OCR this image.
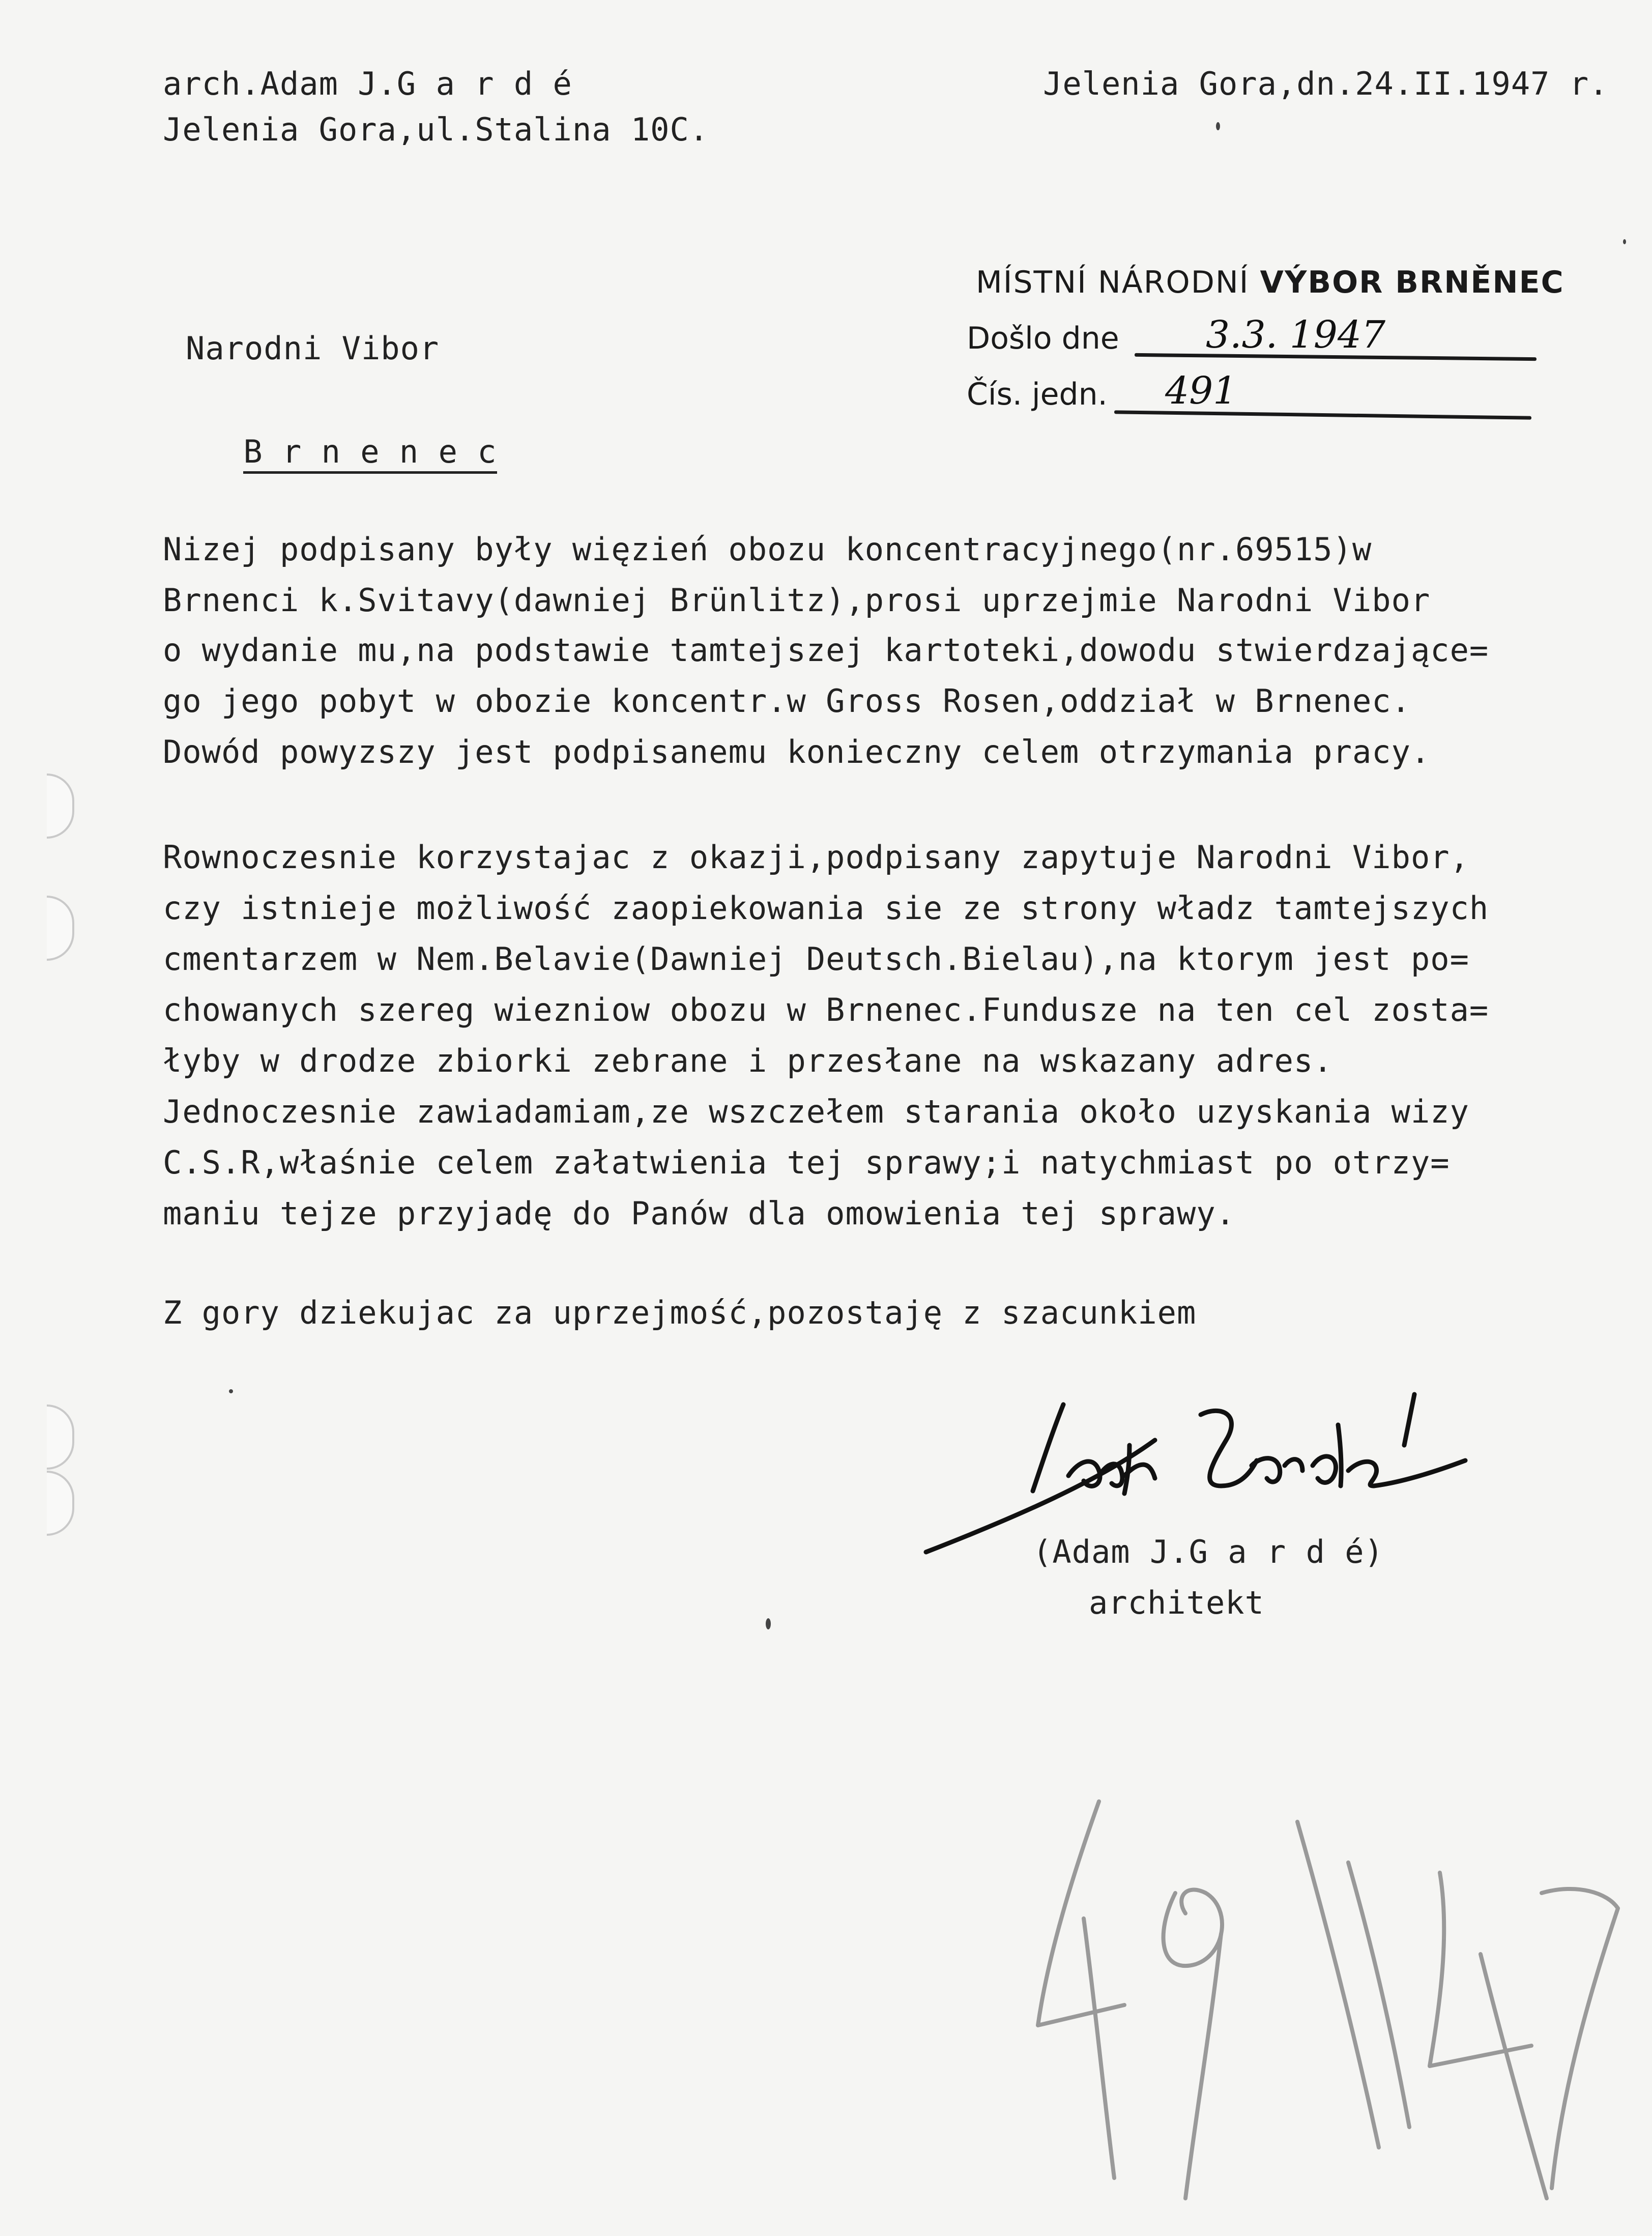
arch.Adam J.G a r d é
Jelenia Gora,ul.Stalina 10C.
Jelenia Gora,dn.24.II.1947 r.
Narodni Vibor

B r n e n e c

MÍSTNÍ NÁRODNÍ VÝBOR BRNĚNEC
Došlo dne 3.3. 1947
Čís. jedn. 491
Nizej podpisany były więzień obozu koncentracyjnego(nr.69515)w
Brnenci k.Svitavy(dawniej Brünlitz),prosi uprzejmie Narodni Vibor
o wydanie mu,na podstawie tamtejszej kartoteki,dowodu stwierdzające=
go jego pobyt w obozie koncentr.w Gross Rosen,oddział w Brnenec.
Dowód powyzszy jest podpisanemu konieczny celem otrzymania pracy.
Rownoczesnie korzystajac z okazji,podpisany zapytuje Narodni Vibor,
czy istnieje możliwość zaopiekowania sie ze strony władz tamtejszych
cmentarzem w Nem.Belavie(Dawniej Deutsch.Bielau),na ktorym jest po=
chowanych szereg wiezniow obozu w Brnenec.Fundusze na ten cel zosta=
łyby w drodze zbiorki zebrane i przesłane na wskazany adres.
Jednoczesnie zawiadamiam,ze wszczełem starania około uzyskania wizy
C.S.R,właśnie celem załatwienia tej sprawy;i natychmiast po otrzy=
maniu tejze przyjadę do Panów dla omowienia tej sprawy.
Z gory dziekujac za uprzejmość,pozostaję z szacunkiem
(Adam J.G a r d é)
architekt
